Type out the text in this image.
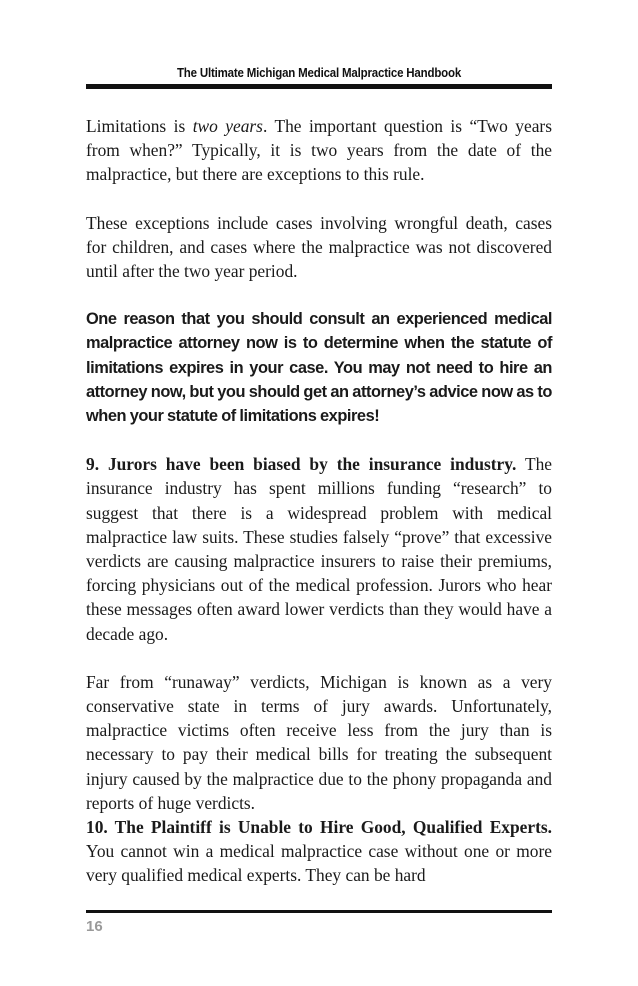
The Ultimate Michigan Medical Malpractice Handbook

Limitations is two years. The important question is “Two years from when?” Typically, it is two years from the date of the malpractice, but there are exceptions to this rule.

These exceptions include cases involving wrongful death, cases for children, and cases where the malpractice was not discovered until after the two year period.

One reason that you should consult an experienced medical malpractice attorney now is to determine when the statute of limitations expires in your case. You may not need to hire an attorney now, but you should get an attorney’s advice now as to when your statute of limitations expires!

9. Jurors have been biased by the insurance industry. The insurance industry has spent millions funding “research” to suggest that there is a widespread problem with medical malpractice law suits. These studies falsely “prove” that excessive verdicts are causing malpractice insurers to raise their premiums, forcing physicians out of the medical profession. Jurors who hear these messages often award lower verdicts than they would have a decade ago.

Far from “runaway” verdicts, Michigan is known as a very conservative state in terms of jury awards. Unfortunately, malpractice victims often receive less from the jury than is necessary to pay their medical bills for treating the subsequent injury caused by the malpractice due to the phony propaganda and reports of huge verdicts.

10. The Plaintiff is Unable to Hire Good, Qualified Experts. You cannot win a medical malpractice case without one or more very qualified medical experts. They can be hard

16
